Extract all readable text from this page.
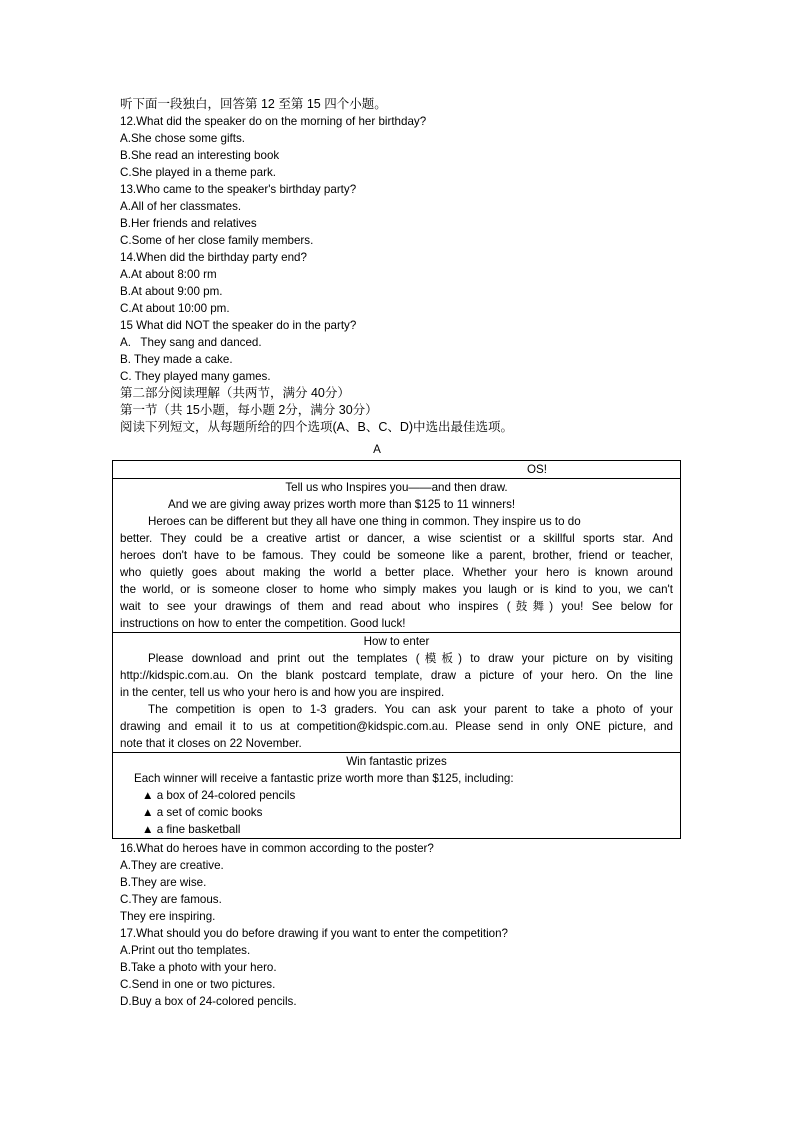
听下面一段独白，回答第 12 至第 15 四个小题。
12.What did the speaker do on the morning of her birthday?
A.She chose some gifts.
B.She read an interesting book
C.She played in a theme park.
13.Who came to the speaker's birthday party?
A.All of her classmates.
B.Her friends and relatives
C.Some of her close family members.
14.When did the birthday party end?
A.At about 8:00 rm
B.At about 9:00 pm.
C.At about 10:00 pm.
15 What did NOT the speaker do in the party?
A.   They sang and danced.
B. They made a cake.
C. They played many games.
第二部分阅读理解（共两节，满分 40分）
第一节（共 15小题，每小题 2分，满分 30分）
阅读下列短文，从每题所给的四个选项(A、B、C、D)中选出最佳选项。
A
OS!

Tell us who Inspires you——and then draw.
And we are giving away prizes worth more than $125 to 11 winners!
Heroes can be different but they all have one thing in common. They inspire us to do
better. They could be a creative artist or dancer, a wise scientist or a skillful sports star. And
heroes don't have to be famous. They could be someone like a parent, brother, friend or teacher,
who quietly goes about making the world a better place. Whether your hero is known around
the world, or is someone closer to home who simply makes you laugh or is kind to you, we can't
wait to see your drawings of them and read about who inspires (鼓舞) you! See below for
instructions on how to enter the competition. Good luck!

How to enter
Please download and print out the templates (模板) to draw your picture on by visiting
http://kidspic.com.au. On the blank postcard template, draw a picture of your hero. On the line
in the center, tell us who your hero is and how you are inspired.
The competition is open to 1-3 graders. You can ask your parent to take a photo of your
drawing and email it to us at competition@kidspic.com.au. Please send in only ONE picture, and
note that it closes on 22 November.

Win fantastic prizes
Each winner will receive a fantastic prize worth more than $125, including:
▲ a box of 24-colored pencils
▲ a set of comic books
▲ a fine basketball
16.What do heroes have in common according to the poster?
A.They are creative.
B.They are wise.
C.They are famous.
They ere inspiring.
17.What should you do before drawing if you want to enter the competition?
A.Print out tho templates.
B.Take a photo with your hero.
C.Send in one or two pictures.
D.Buy a box of 24-colored pencils.
